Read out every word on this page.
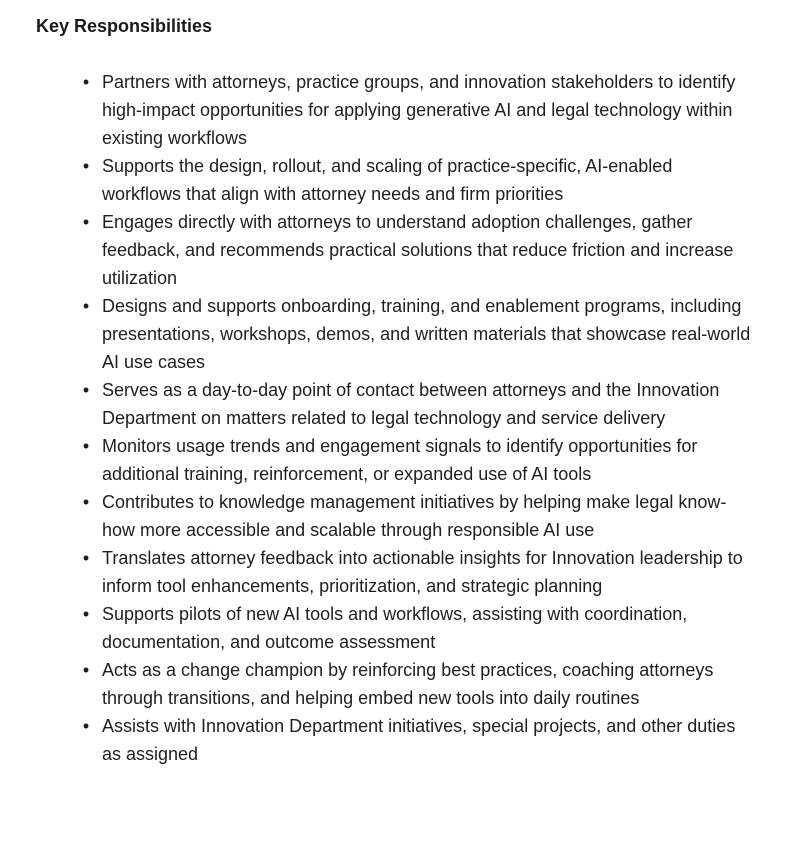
Key Responsibilities
• Partners with attorneys, practice groups, and innovation stakeholders to identify high-impact opportunities for applying generative AI and legal technology within existing workflows
• Supports the design, rollout, and scaling of practice-specific, AI-enabled workflows that align with attorney needs and firm priorities
• Engages directly with attorneys to understand adoption challenges, gather feedback, and recommends practical solutions that reduce friction and increase utilization
• Designs and supports onboarding, training, and enablement programs, including presentations, workshops, demos, and written materials that showcase real-world AI use cases
• Serves as a day-to-day point of contact between attorneys and the Innovation Department on matters related to legal technology and service delivery
• Monitors usage trends and engagement signals to identify opportunities for additional training, reinforcement, or expanded use of AI tools
• Contributes to knowledge management initiatives by helping make legal know-how more accessible and scalable through responsible AI use
• Translates attorney feedback into actionable insights for Innovation leadership to inform tool enhancements, prioritization, and strategic planning
• Supports pilots of new AI tools and workflows, assisting with coordination, documentation, and outcome assessment
• Acts as a change champion by reinforcing best practices, coaching attorneys through transitions, and helping embed new tools into daily routines
• Assists with Innovation Department initiatives, special projects, and other duties as assigned
